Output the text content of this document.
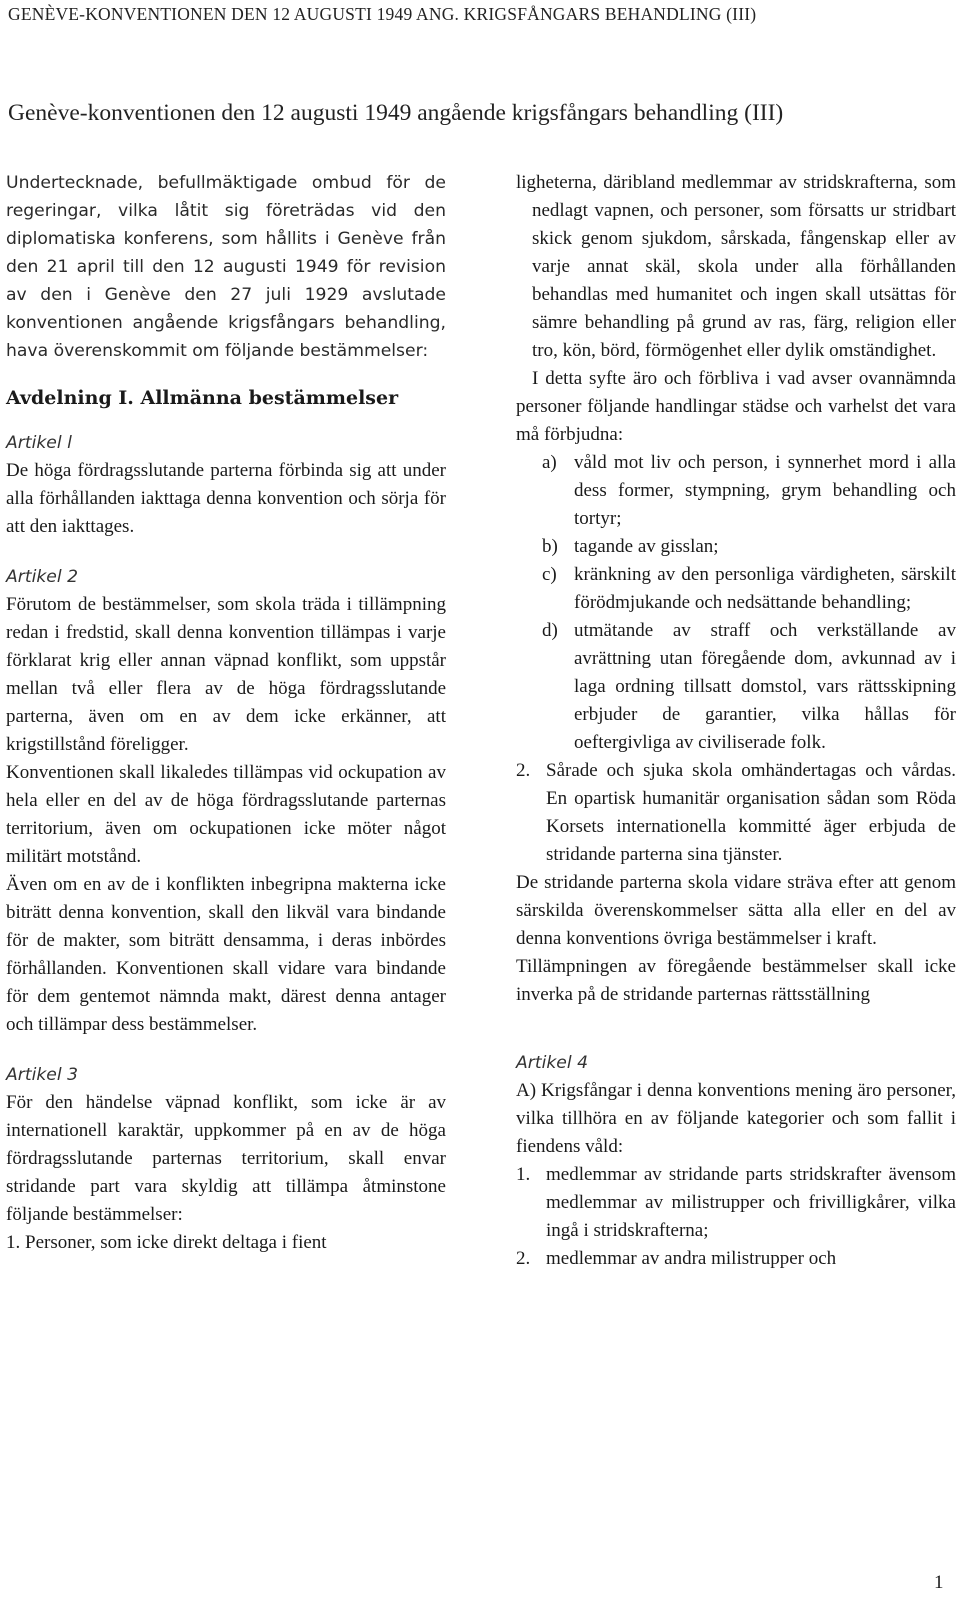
GENÈVE-KONVENTIONEN DEN 12 AUGUSTI 1949 ANG. KRIGSFÅNGARS BEHANDLING (III)
Genève-konventionen den 12 augusti 1949 angående krigsfångars behandling (III)

Undertecknade, befullmäktigade ombud för de regeringar, vilka låtit sig företrädas vid den diplomatiska konferens, som hållits i Genève från den 21 april till den 12 augusti 1949 för revision av den i Genève den 27 juli 1929 avslutade konventionen angående krigsfångars behandling, hava överenskommit om följande bestämmelser:

Avdelning I. Allmänna bestämmelser
Artikel l

De höga fördragsslutande parterna förbinda sig att under alla förhållanden iakttaga denna konvention och sörja för att den iakttages.

Artikel 2

Förutom de bestämmelser, som skola träda i tillämpning redan i fredstid, skall denna konvention tillämpas i varje förklarat krig eller annan väpnad konflikt, som uppstår mellan två eller flera av de höga fördragsslutande parterna, även om en av dem icke erkänner, att krigstillstånd föreligger.

Konventionen skall likaledes tillämpas vid ockupation av hela eller en del av de höga fördragsslutande parternas territorium, även om ockupationen icke möter något militärt motstånd.

Även om en av de i konflikten inbegripna makterna icke biträtt denna konvention, skall den likväl vara bindande för de makter, som biträtt densamma, i deras inbördes förhållanden. Konventionen skall vidare vara bindande för dem gentemot nämnda makt, därest denna antager och tillämpar dess bestämmelser.

Artikel 3

För den händelse väpnad konflikt, som icke är av internationell karaktär, uppkommer på en av de höga fördragsslutande parternas territorium, skall envar stridande part vara skyldig att tillämpa åtminstone följande bestämmelser:

1. Personer, som icke direkt deltaga i fient

ligheterna, däribland medlemmar av stridskrafterna, som nedlagt vapnen, och personer, som försatts ur stridbart skick genom sjukdom, sårskada, fångenskap eller av varje annat skäl, skola under alla förhållanden behandlas med humanitet och ingen skall utsättas för sämre behandling på grund av ras, färg, religion eller tro, kön, börd, förmögenhet eller dylik omständighet.

I detta syfte äro och förbliva i vad avser ovannämnda personer följande handlingar städse och varhelst det vara må förbjudna:

a) våld mot liv och person, i synnerhet mord i alla dess former, stympning, grym behandling och tortyr;
b) tagande av gisslan;
c) kränkning av den personliga värdigheten, särskilt förödmjukande och nedsättande behandling;
d) utmätande av straff och verkställande av avrättning utan föregående dom, avkunnad av i laga ordning tillsatt domstol, vars rättsskipning erbjuder de garantier, vilka hållas för oeftergivliga av civiliserade folk.
2. Sårade och sjuka skola omhändertagas och vårdas. En opartisk humanitär organisation sådan som Röda Korsets internationella kommitté äger erbjuda de stridande parterna sina tjänster.

De stridande parterna skola vidare sträva efter att genom särskilda överenskommelser sätta alla eller en del av denna konventions övriga bestämmelser i kraft.

Tillämpningen av föregående bestämmelser skall icke inverka på de stridande parternas rättsställning

Artikel 4

A) Krigsfångar i denna konventions mening äro personer, vilka tillhöra en av följande kategorier och som fallit i fiendens våld:

1. medlemmar av stridande parts stridskrafter ävensom medlemmar av milistrupper och frivilligkårer, vilka ingå i stridskrafterna;
2. medlemmar av andra milistrupper och
1
